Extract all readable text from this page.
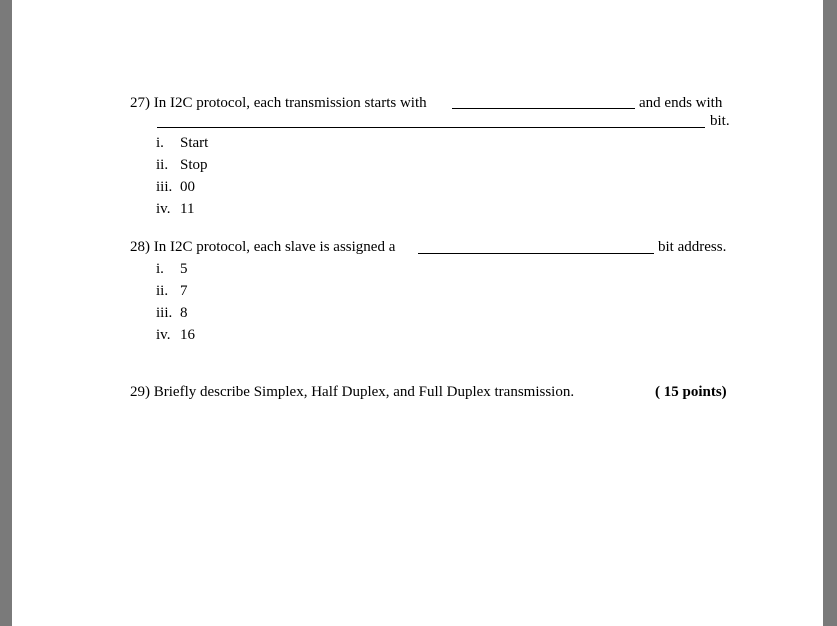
27) In I2C protocol, each transmission starts with	and ends with
bit.
i. Start
ii. Stop
iii. 00
iv. 11
28) In I2C protocol, each slave is assigned a	bit address.
i. 5
ii. 7
iii. 8
iv. 16
29) Briefly describe Simplex, Half Duplex, and Full Duplex transmission.	( 15 points)
